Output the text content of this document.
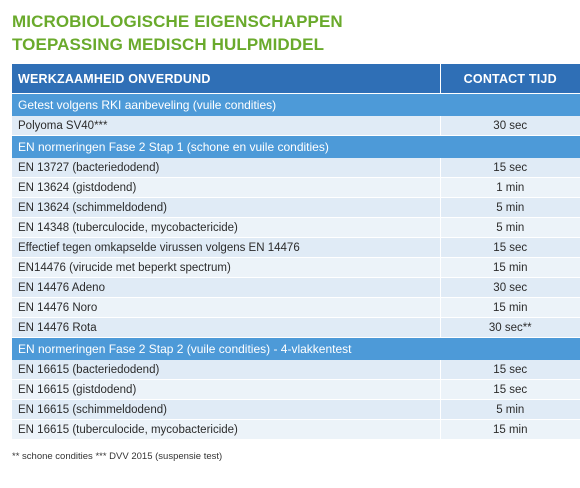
MICROBIOLOGISCHE EIGENSCHAPPEN
TOEPASSING MEDISCH HULPMIDDEL
WERKZAAMHEID ONVERDUND	CONTACT TIJD
Getest volgens RKI aanbeveling (vuile condities)	
Polyoma SV40***	30 sec
EN normeringen Fase 2 Stap 1 (schone en vuile condities)	
EN 13727 (bacteriedodend)	15 sec
EN 13624 (gistdodend)	1 min
EN 13624 (schimmeldodend)	5 min
EN 14348 (tuberculocide, mycobactericide)	5 min
Effectief tegen omkapselde virussen volgens EN 14476	15 sec
EN14476 (virucide met beperkt spectrum)	15 min
EN 14476 Adeno	30 sec
EN 14476 Noro	15 min
EN 14476 Rota	30 sec**
EN normeringen Fase 2 Stap 2 (vuile condities) - 4-vlakkentest	
EN 16615 (bacteriedodend)	15 sec
EN 16615 (gistdodend)	15 sec
EN 16615 (schimmeldodend)	5 min
EN 16615 (tuberculocide, mycobactericide)	15 min
** schone condities *** DVV 2015 (suspensie test)
